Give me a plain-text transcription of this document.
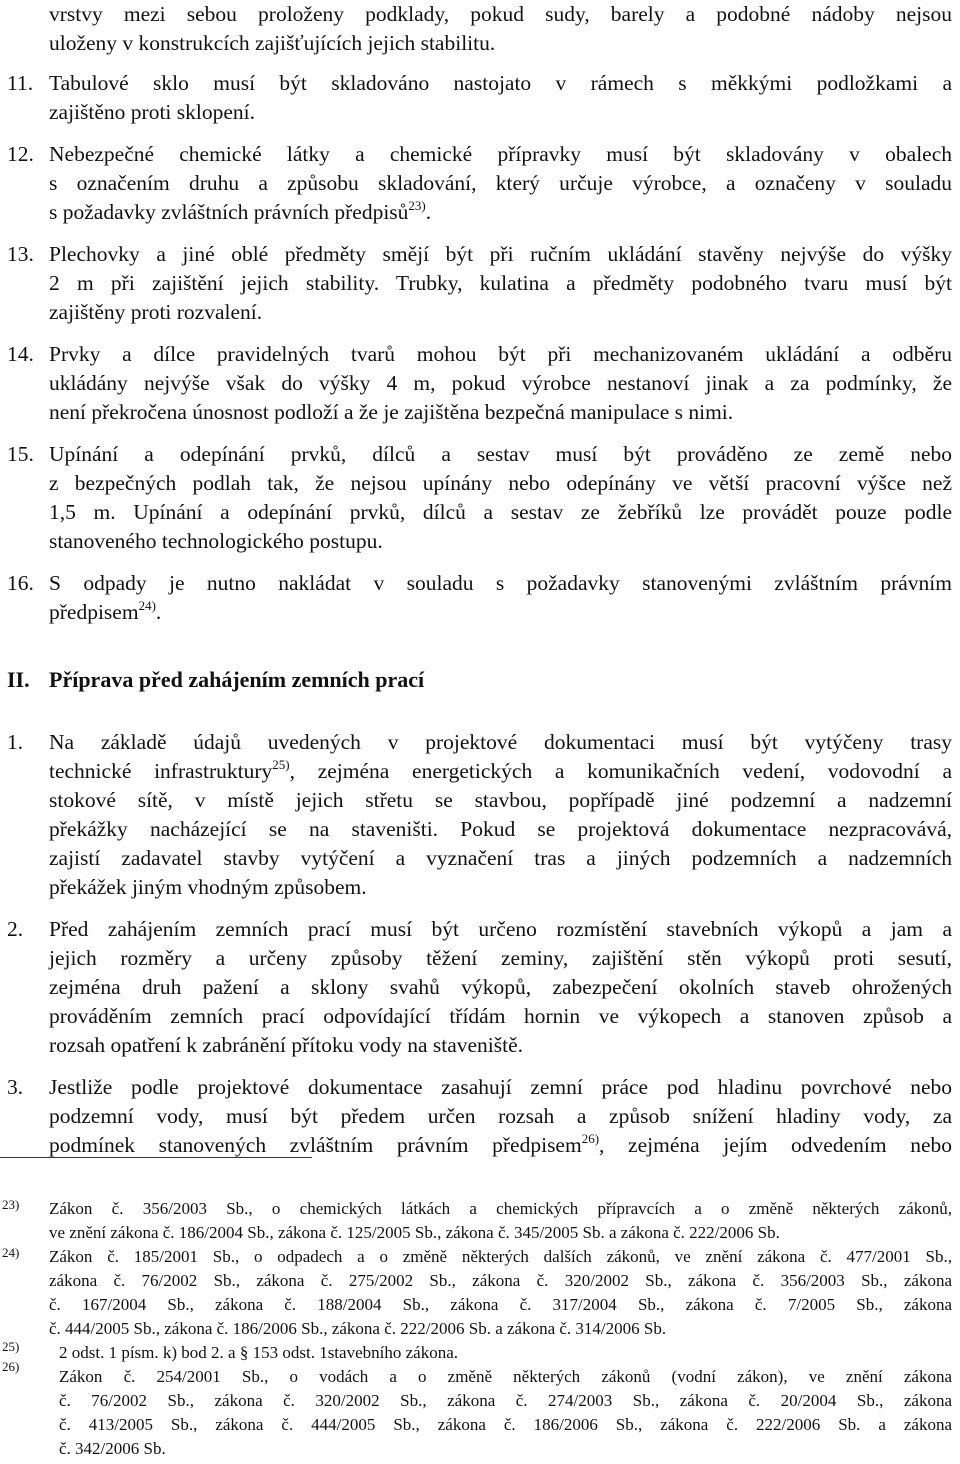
vrstvy mezi sebou proloženy podklady, pokud sudy, barely a podobné nádoby nejsou
uloženy v konstrukcích zajišťujících jejich stabilitu.
11. Tabulové sklo musí být skladováno nastojato v rámech s měkkými podložkami a
zajištěno proti sklopení.
12. Nebezpečné chemické látky a chemické přípravky musí být skladovány v obalech
s označením druhu a způsobu skladování, který určuje výrobce, a označeny v souladu
s požadavky zvláštních právních předpisů$^{23)}$.
13. Plechovky a jiné oblé předměty smějí být při ručním ukládání stavěny nejvýše do výšky
2 m při zajištění jejich stability. Trubky, kulatina a předměty podobného tvaru musí být
zajištěny proti rozvalení.
14. Prvky a dílce pravidelných tvarů mohou být při mechanizovaném ukládání a odběru
ukládány nejvýše však do výšky 4 m, pokud výrobce nestanoví jinak a za podmínky, že
není překročena únosnost podloží a že je zajištěna bezpečná manipulace s nimi.
15. Upínání a odepínání prvků, dílců a sestav musí být prováděno ze země nebo
z bezpečných podlah tak, že nejsou upínány nebo odepínány ve větší pracovní výšce než
1,5 m. Upínání a odepínání prvků, dílců a sestav ze žebříků lze provádět pouze podle
stanoveného technologického postupu.
16. S odpady je nutno nakládat v souladu s požadavky stanovenými zvláštním právním
předpisem$^{24)}$.
II. Příprava před zahájením zemních prací
1. Na základě údajů uvedených v projektové dokumentaci musí být vytýčeny trasy
technické infrastruktury$^{25)}$, zejména energetických a komunikačních vedení, vodovodní a
stokové sítě, v místě jejich střetu se stavbou, popřípadě jiné podzemní a nadzemní
překážky nacházející se na staveništi. Pokud se projektová dokumentace nezpracovává,
zajistí zadavatel stavby vytýčení a vyznačení tras a jiných podzemních a nadzemních
překážek jiným vhodným způsobem.
2. Před zahájením zemních prací musí být určeno rozmístění stavebních výkopů a jam a
jejich rozměry a určeny způsoby těžení zeminy, zajištění stěn výkopů proti sesutí,
zejména druh pažení a sklony svahů výkopů, zabezpečení okolních staveb ohrožených
prováděním zemních prací odpovídající třídám hornin ve výkopech a stanoven způsob a
rozsah opatření k zabránění přítoku vody na staveniště.
3. Jestliže podle projektové dokumentace zasahují zemní práce pod hladinu povrchové nebo
podzemní vody, musí být předem určen rozsah a způsob snížení hladiny vody, za
podmínek stanovených zvláštním právním předpisem$^{26)}$, zejména jejím odvedením nebo
23) Zákon č. 356/2003 Sb., o chemických látkách a chemických přípravcích a o změně některých zákonů,
ve znění zákona č. 186/2004 Sb., zákona č. 125/2005 Sb., zákona č. 345/2005 Sb. a zákona č. 222/2006 Sb.
24) Zákon č. 185/2001 Sb., o odpadech a o změně některých dalších zákonů, ve znění zákona č. 477/2001 Sb.,
zákona č. 76/2002 Sb., zákona č. 275/2002 Sb., zákona č. 320/2002 Sb., zákona č. 356/2003 Sb., zákona
č. 167/2004 Sb., zákona č. 188/2004 Sb., zákona č. 317/2004 Sb., zákona č. 7/2005 Sb., zákona
č. 444/2005 Sb., zákona č. 186/2006 Sb., zákona č. 222/2006 Sb. a zákona č. 314/2006 Sb.
25) 2 odst. 1 písm. k) bod 2. a § 153 odst. 1stavebního zákona.
26)
Zákon č. 254/2001 Sb., o vodách a o změně některých zákonů (vodní zákon), ve znění zákona
č. 76/2002 Sb., zákona č. 320/2002 Sb., zákona č. 274/2003 Sb., zákona č. 20/2004 Sb., zákona
č. 413/2005 Sb., zákona č. 444/2005 Sb., zákona č. 186/2006 Sb., zákona č. 222/2006 Sb. a zákona
č. 342/2006 Sb.
